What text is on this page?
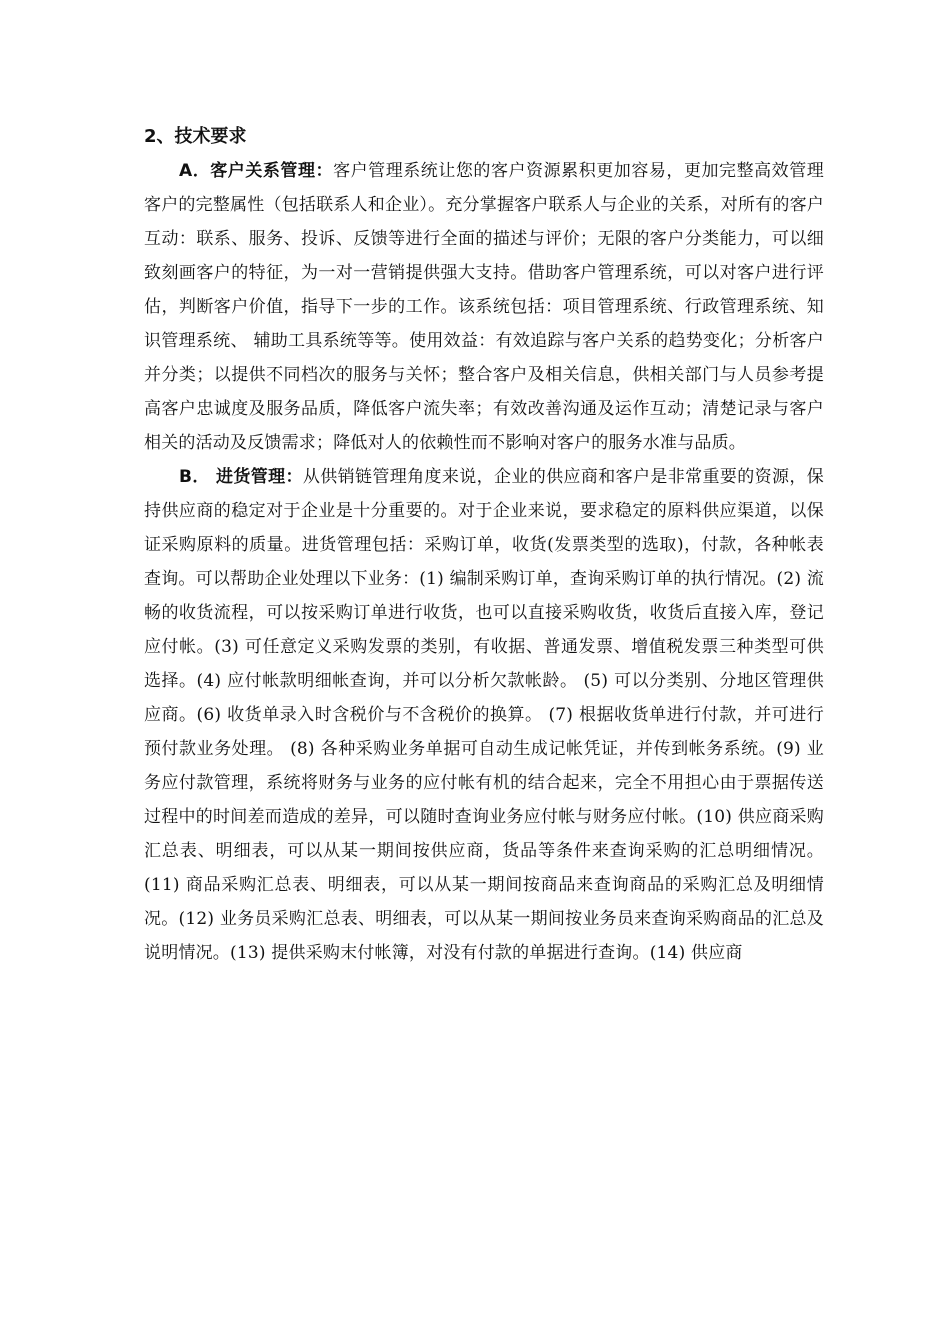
2、技术要求

A．客户关系管理：客户管理系统让您的客户资源累积更加容易，更加完整高效管理客户的完整属性（包括联系人和企业）。充分掌握客户联系人与企业的关系，对所有的客户互动：联系、服务、投诉、反馈等进行全面的描述与评价；无限的客户分类能力，可以细致刻画客户的特征，为一对一营销提供强大支持。借助客户管理系统，可以对客户进行评估，判断客户价值，指导下一步的工作。该系统包括：项目管理系统、行政管理系统、知识管理系统、 辅助工具系统等等。使用效益：有效追踪与客户关系的趋势变化；分析客户并分类；以提供不同档次的服务与关怀；整合客户及相关信息，供相关部门与人员参考提高客户忠诚度及服务品质，降低客户流失率；有效改善沟通及运作互动；清楚记录与客户相关的活动及反馈需求；降低对人的依赖性而不影响对客户的服务水准与品质。

B． 进货管理：从供销链管理角度来说，企业的供应商和客户是非常重要的资源，保持供应商的稳定对于企业是十分重要的。对于企业来说，要求稳定的原料供应渠道，以保证采购原料的质量。进货管理包括：采购订单，收货(发票类型的选取)，付款，各种帐表查询。可以帮助企业处理以下业务：(1) 编制采购订单，查询采购订单的执行情况。(2) 流畅的收货流程，可以按采购订单进行收货，也可以直接采购收货，收货后直接入库，登记应付帐。(3) 可任意定义采购发票的类别，有收据、普通发票、增值税发票三种类型可供选择。(4) 应付帐款明细帐查询，并可以分析欠款帐龄。 (5) 可以分类别、分地区管理供应商。(6) 收货单录入时含税价与不含税价的换算。 (7) 根据收货单进行付款，并可进行预付款业务处理。 (8) 各种采购业务单据可自动生成记帐凭证，并传到帐务系统。(9) 业务应付款管理，系统将财务与业务的应付帐有机的结合起来，完全不用担心由于票据传送过程中的时间差而造成的差异，可以随时查询业务应付帐与财务应付帐。(10) 供应商采购汇总表、明细表，可以从某一期间按供应商，货品等条件来查询采购的汇总明细情况。(11) 商品采购汇总表、明细表，可以从某一期间按商品来查询商品的采购汇总及明细情况。(12) 业务员采购汇总表、明细表，可以从某一期间按业务员来查询采购商品的汇总及说明情况。(13) 提供采购末付帐簿，对没有付款的单据进行查询。(14) 供应商
